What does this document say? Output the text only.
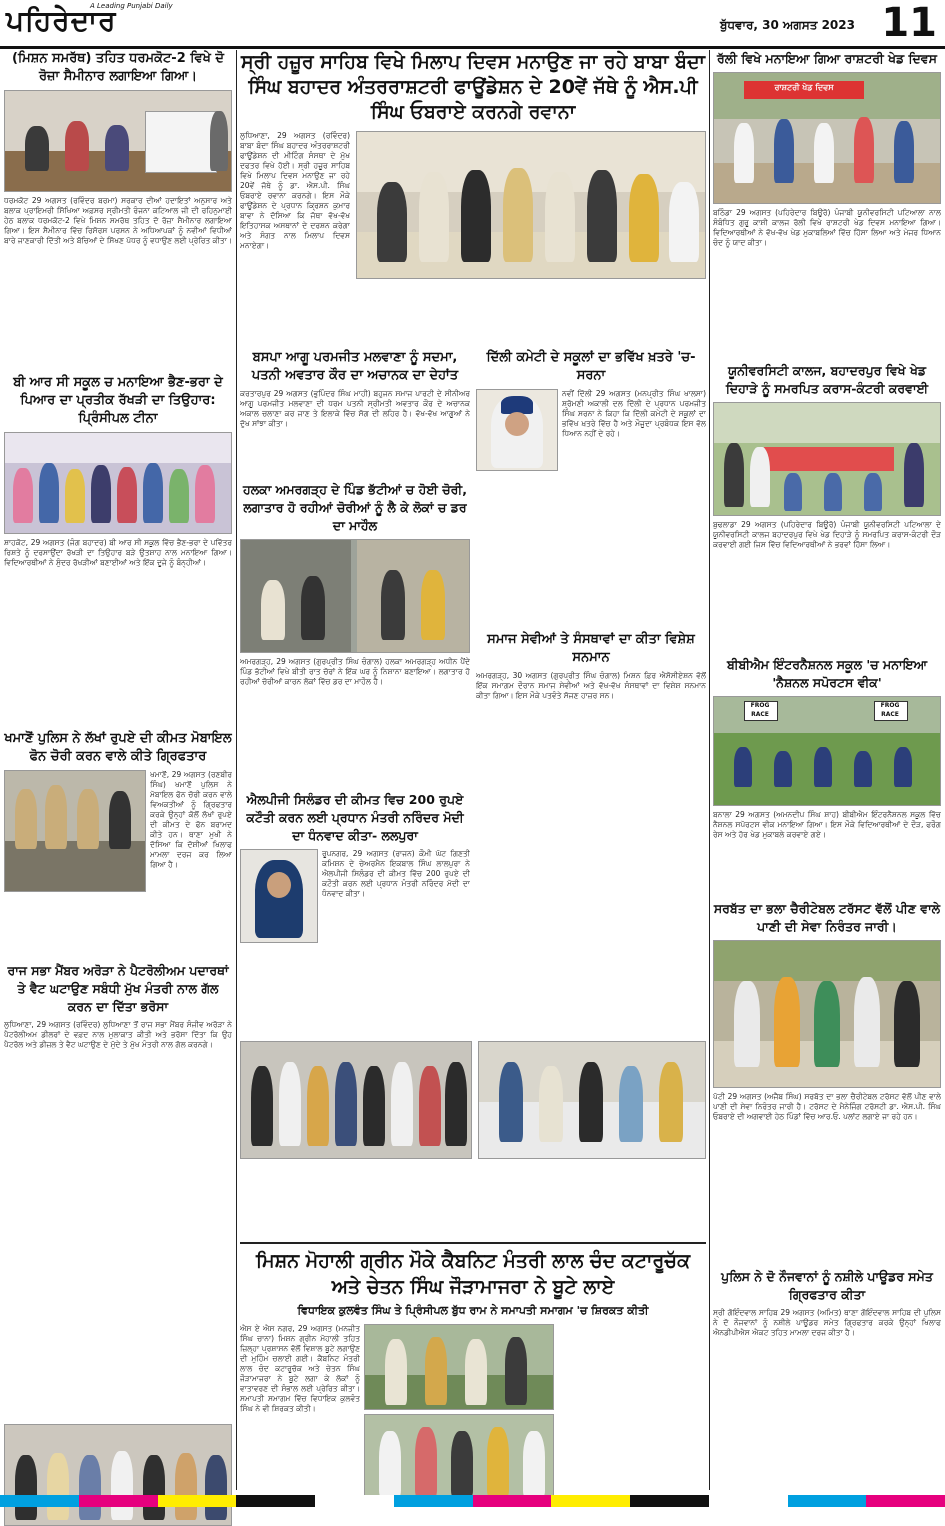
ਪਹਿਰੇਦਾਰ
A Leading Punjabi Daily
ਬੁੱਧਵਾਰ, 30 ਅਗਸਤ 2023 11
(ਮਿਸ਼ਨ ਸਮਰੱਥ) ਤਹਿਤ ਧਰਮਕੋਟ-2 ਵਿਖੇ ਦੋ ਰੋਜ਼ਾ ਸੈਮੀਨਾਰ ਲਗਾਇਆ ਗਿਆ।
ਧਰਮਕੋਟ 29 ਅਗਸਤ (ਰਵਿੰਦਰ ਬਰਮਾ) ਸਰਕਾਰ ਦੀਆਂ ਹਦਾਇਤਾਂ ਅਨੁਸਾਰ ਅਤੇ ਬਲਾਕ ਪ੍ਰਾਇਮਰੀ ਸਿੱਖਿਆ ਅਫ਼ਸਰ ਸ੍ਰੀਮਤੀ ਰੰਜਨਾ ਕਟਿਆਲ ਜੀ ਦੀ ਰਹਿਨੁਮਾਈ ਹੇਠ ਬਲਾਕ ਧਰਮਕੋਟ-2 ਵਿਖੇ ਮਿਸ਼ਨ ਸਮਰੱਥ ਤਹਿਤ ਦੋ ਰੋਜ਼ਾ ਸੈਮੀਨਾਰ ਲਗਾਇਆ ਗਿਆ। ਇਸ ਸੈਮੀਨਾਰ ਵਿੱਚ ਰਿਸੋਰਸ ਪਰਸਨ ਨੇ ਅਧਿਆਪਕਾਂ ਨੂੰ ਨਵੀਆਂ ਵਿਧੀਆਂ ਬਾਰੇ ਜਾਣਕਾਰੀ ਦਿੱਤੀ ਅਤੇ ਬੱਚਿਆਂ ਦੇ ਸਿੱਖਣ ਪੱਧਰ ਨੂੰ ਵਧਾਉਣ ਲਈ ਪ੍ਰੇਰਿਤ ਕੀਤਾ।
ਬੀ ਆਰ ਸੀ ਸਕੂਲ ਚ ਮਨਾਇਆ ਭੈਣ-ਭਰਾ ਦੇ ਪਿਆਰ ਦਾ ਪ੍ਰਤੀਕ ਰੱਖੜੀ ਦਾ ਤਿਉਹਾਰ: ਪ੍ਰਿੰਸੀਪਲ ਟੀਨਾ
ਸ਼ਾਹਕੋਟ, 29 ਅਗਸਤ (ਜੰਗ ਬਹਾਦਰ) ਬੀ ਆਰ ਸੀ ਸਕੂਲ ਵਿੱਚ ਭੈਣ-ਭਰਾ ਦੇ ਪਵਿੱਤਰ ਰਿਸ਼ਤੇ ਨੂੰ ਦਰਸਾਉਂਦਾ ਰੱਖੜੀ ਦਾ ਤਿਉਹਾਰ ਬੜੇ ਉਤਸ਼ਾਹ ਨਾਲ ਮਨਾਇਆ ਗਿਆ। ਵਿਦਿਆਰਥੀਆਂ ਨੇ ਸੁੰਦਰ ਰੱਖੜੀਆਂ ਬਣਾਈਆਂ ਅਤੇ ਇੱਕ ਦੂਜੇ ਨੂੰ ਬੰਨ੍ਹੀਆਂ।
ਖਮਾਣੋਂ ਪੁਲਿਸ ਨੇ ਲੱਖਾਂ ਰੁਪਏ ਦੀ ਕੀਮਤ ਮੋਬਾਇਲ ਫੋਨ ਚੋਰੀ ਕਰਨ ਵਾਲੇ ਕੀਤੇ ਗ੍ਰਿਫਤਾਰ
ਖਮਾਣੋਂ, 29 ਅਗਸਤ (ਰਣਬੀਰ ਸਿੰਘ) ਖਮਾਣੋਂ ਪੁਲਿਸ ਨੇ ਮੋਬਾਇਲ ਫੋਨ ਚੋਰੀ ਕਰਨ ਵਾਲੇ ਵਿਅਕਤੀਆਂ ਨੂੰ ਗ੍ਰਿਫਤਾਰ ਕਰਕੇ ਉਨ੍ਹਾਂ ਕੋਲੋਂ ਲੱਖਾਂ ਰੁਪਏ ਦੀ ਕੀਮਤ ਦੇ ਫੋਨ ਬਰਾਮਦ ਕੀਤੇ ਹਨ। ਥਾਣਾ ਮੁਖੀ ਨੇ ਦੱਸਿਆ ਕਿ ਦੋਸ਼ੀਆਂ ਖਿਲਾਫ ਮਾਮਲਾ ਦਰਜ ਕਰ ਲਿਆ ਗਿਆ ਹੈ।
ਰਾਜ ਸਭਾ ਮੈਂਬਰ ਅਰੋੜਾ ਨੇ ਪੈਟਰੋਲੀਅਮ ਪਦਾਰਥਾਂ ਤੇ ਵੈਟ ਘਟਾਉਣ ਸਬੰਧੀ ਮੁੱਖ ਮੰਤਰੀ ਨਾਲ ਗੱਲ ਕਰਨ ਦਾ ਦਿੱਤਾ ਭਰੋਸਾ
ਲੁਧਿਆਣਾ, 29 ਅਗਸਤ (ਰਵਿੰਦਰ) ਲੁਧਿਆਣਾ ਤੋਂ ਰਾਜ ਸਭਾ ਮੈਂਬਰ ਸੰਜੀਵ ਅਰੋੜਾ ਨੇ ਪੈਟਰੋਲੀਅਮ ਡੀਲਰਾਂ ਦੇ ਵਫ਼ਦ ਨਾਲ ਮੁਲਾਕਾਤ ਕੀਤੀ ਅਤੇ ਭਰੋਸਾ ਦਿੱਤਾ ਕਿ ਉਹ ਪੈਟਰੋਲ ਅਤੇ ਡੀਜ਼ਲ ਤੇ ਵੈਟ ਘਟਾਉਣ ਦੇ ਮੁੱਦੇ ਤੇ ਮੁੱਖ ਮੰਤਰੀ ਨਾਲ ਗੱਲ ਕਰਨਗੇ।
ਸ੍ਰੀ ਹਜ਼ੂਰ ਸਾਹਿਬ ਵਿਖੇ ਮਿਲਾਪ ਦਿਵਸ ਮਨਾਉਣ ਜਾ ਰਹੇ ਬਾਬਾ ਬੰਦਾ ਸਿੰਘ ਬਹਾਦਰ ਅੰਤਰਰਾਸ਼ਟਰੀ ਫਾਊਂਡੇਸ਼ਨ ਦੇ 20ਵੇਂ ਜੱਥੇ ਨੂੰ ਐਸ.ਪੀ ਸਿੰਘ ਓਬਰਾਏ ਕਰਨਗੇ ਰਵਾਨਾ
ਲੁਧਿਆਣਾ, 29 ਅਗਸਤ (ਰਵਿੰਦਰ) ਬਾਬਾ ਬੰਦਾ ਸਿੰਘ ਬਹਾਦਰ ਅੰਤਰਰਾਸ਼ਟਰੀ ਫਾਊਂਡੇਸ਼ਨ ਦੀ ਮੀਟਿੰਗ ਸੰਸਥਾ ਦੇ ਮੁੱਖ ਦਫਤਰ ਵਿਖੇ ਹੋਈ। ਸ੍ਰੀ ਹਜ਼ੂਰ ਸਾਹਿਬ ਵਿਖੇ ਮਿਲਾਪ ਦਿਵਸ ਮਨਾਉਣ ਜਾ ਰਹੇ 20ਵੇਂ ਜੱਥੇ ਨੂੰ ਡਾ. ਐਸ.ਪੀ. ਸਿੰਘ ਓਬਰਾਏ ਰਵਾਨਾ ਕਰਨਗੇ। ਇਸ ਮੌਕੇ ਫਾਊਂਡੇਸ਼ਨ ਦੇ ਪ੍ਰਧਾਨ ਕ੍ਰਿਸ਼ਨ ਕੁਮਾਰ ਬਾਵਾ ਨੇ ਦੱਸਿਆ ਕਿ ਜੱਥਾ ਵੱਖ-ਵੱਖ ਇਤਿਹਾਸਕ ਅਸਥਾਨਾਂ ਦੇ ਦਰਸ਼ਨ ਕਰੇਗਾ ਅਤੇ ਸੰਗਤ ਨਾਲ ਮਿਲਾਪ ਦਿਵਸ ਮਨਾਏਗਾ।
ਬਸਪਾ ਆਗੂ ਪਰਮਜੀਤ ਮਲਵਾਣਾ ਨੂੰ ਸਦਮਾ, ਪਤਨੀ ਅਵਤਾਰ ਕੌਰ ਦਾ ਅਚਾਨਕ ਦਾ ਦੇਹਾਂਤ
ਕਰਤਾਰਪੁਰ 29 ਅਗਸਤ (ਭੁਪਿੰਦਰ ਸਿੰਘ ਮਾਹੀ) ਬਹੁਜਨ ਸਮਾਜ ਪਾਰਟੀ ਦੇ ਸੀਨੀਅਰ ਆਗੂ ਪਰਮਜੀਤ ਮਲਵਾਣਾ ਦੀ ਧਰਮ ਪਤਨੀ ਸ੍ਰੀਮਤੀ ਅਵਤਾਰ ਕੌਰ ਦੇ ਅਚਾਨਕ ਅਕਾਲ ਚਲਾਣਾ ਕਰ ਜਾਣ ਤੇ ਇਲਾਕੇ ਵਿੱਚ ਸੋਗ ਦੀ ਲਹਿਰ ਹੈ। ਵੱਖ-ਵੱਖ ਆਗੂਆਂ ਨੇ ਦੁੱਖ ਸਾਂਝਾ ਕੀਤਾ।
ਹਲਕਾ ਅਮਰਗੜ੍ਹ ਦੇ ਪਿੰਡ ਭੱਟੀਆਂ ਚ ਹੋਈ ਚੋਰੀ, ਲਗਾਤਾਰ ਹੋ ਰਹੀਆਂ ਚੋਰੀਆਂ ਨੂੰ ਲੈ ਕੇ ਲੋਕਾਂ ਚ ਡਰ ਦਾ ਮਾਹੌਲ
ਅਮਰਗੜ੍ਹ, 29 ਅਗਸਤ (ਗੁਰਪ੍ਰੀਤ ਸਿੰਘ ਚੰਗਾਲ) ਹਲਕਾ ਅਮਰਗੜ੍ਹ ਅਧੀਨ ਪੈਂਦੇ ਪਿੰਡ ਭੱਟੀਆਂ ਵਿਖੇ ਬੀਤੀ ਰਾਤ ਚੋਰਾਂ ਨੇ ਇੱਕ ਘਰ ਨੂੰ ਨਿਸ਼ਾਨਾ ਬਣਾਇਆ। ਲਗਾਤਾਰ ਹੋ ਰਹੀਆਂ ਚੋਰੀਆਂ ਕਾਰਨ ਲੋਕਾਂ ਵਿੱਚ ਡਰ ਦਾ ਮਾਹੌਲ ਹੈ।
ਐਲਪੀਜੀ ਸਿਲੰਡਰ ਦੀ ਕੀਮਤ ਵਿਚ 200 ਰੁਪਏ ਕਟੌਤੀ ਕਰਨ ਲਈ ਪ੍ਰਧਾਨ ਮੰਤਰੀ ਨਰਿੰਦਰ ਮੋਦੀ ਦਾ ਧੰਨਵਾਦ ਕੀਤਾ- ਲਲਪੁਰਾ
ਰੂਪਨਗਰ, 29 ਅਗਸਤ (ਰਾਜਨ) ਕੌਮੀ ਘੱਟ ਗਿਣਤੀ ਕਮਿਸ਼ਨ ਦੇ ਚੇਅਰਮੈਨ ਇਕਬਾਲ ਸਿੰਘ ਲਾਲਪੁਰਾ ਨੇ ਐਲਪੀਜੀ ਸਿਲੰਡਰ ਦੀ ਕੀਮਤ ਵਿੱਚ 200 ਰੁਪਏ ਦੀ ਕਟੌਤੀ ਕਰਨ ਲਈ ਪ੍ਰਧਾਨ ਮੰਤਰੀ ਨਰਿੰਦਰ ਮੋਦੀ ਦਾ ਧੰਨਵਾਦ ਕੀਤਾ।
ਦਿੱਲੀ ਕਮੇਟੀ ਦੇ ਸਕੂਲਾਂ ਦਾ ਭਵਿੱਖ ਖ਼ਤਰੇ 'ਚ- ਸਰਨਾ
ਨਵੀਂ ਦਿੱਲੀ 29 ਅਗਸਤ (ਮਨਪ੍ਰੀਤ ਸਿੰਘ ਖਾਲਸਾ) ਸ਼੍ਰੋਮਣੀ ਅਕਾਲੀ ਦਲ ਦਿੱਲੀ ਦੇ ਪ੍ਰਧਾਨ ਪਰਮਜੀਤ ਸਿੰਘ ਸਰਨਾ ਨੇ ਕਿਹਾ ਕਿ ਦਿੱਲੀ ਕਮੇਟੀ ਦੇ ਸਕੂਲਾਂ ਦਾ ਭਵਿੱਖ ਖ਼ਤਰੇ ਵਿੱਚ ਹੈ ਅਤੇ ਮੌਜੂਦਾ ਪ੍ਰਬੰਧਕ ਇਸ ਵੱਲ ਧਿਆਨ ਨਹੀਂ ਦੇ ਰਹੇ।
ਸਮਾਜ ਸੇਵੀਆਂ ਤੇ ਸੰਸਥਾਵਾਂ ਦਾ ਕੀਤਾ ਵਿਸ਼ੇਸ਼ ਸਨਮਾਨ
ਅਮਰਗੜ੍ਹ, 30 ਅਗਸਤ (ਗੁਰਪ੍ਰੀਤ ਸਿੰਘ ਚੰਗਾਲ) ਮਿਸ਼ਨ ਫ਼ਿਰ ਐਸੋਸੀਏਸ਼ਨ ਵੱਲੋਂ ਇੱਕ ਸਮਾਗਮ ਦੌਰਾਨ ਸਮਾਜ ਸੇਵੀਆਂ ਅਤੇ ਵੱਖ-ਵੱਖ ਸੰਸਥਾਵਾਂ ਦਾ ਵਿਸ਼ੇਸ਼ ਸਨਮਾਨ ਕੀਤਾ ਗਿਆ। ਇਸ ਮੌਕੇ ਪਤਵੰਤੇ ਸੱਜਣ ਹਾਜ਼ਰ ਸਨ।
ਮਿਸ਼ਨ ਮੋਹਾਲੀ ਗ੍ਰੀਨ ਮੌਕੇ ਕੈਬਨਿਟ ਮੰਤਰੀ ਲਾਲ ਚੰਦ ਕਟਾਰੂਚੱਕ ਅਤੇ ਚੇਤਨ ਸਿੰਘ ਜੌੜਾਮਾਜਰਾ ਨੇ ਬੂਟੇ ਲਾਏ
ਵਿਧਾਇਕ ਕੁਲਵੰਤ ਸਿੰਘ ਤੇ ਪ੍ਰਿੰਸੀਪਲ ਬੁੱਧ ਰਾਮ ਨੇ ਸਮਾਪਤੀ ਸਮਾਗਮ 'ਚ ਸ਼ਿਰਕਤ ਕੀਤੀ
ਐਸ ਏ ਐਸ ਨਗਰ, 29 ਅਗਸਤ (ਮਨਜੀਤ ਸਿੰਘ ਚਾਨਾ) ਮਿਸ਼ਨ ਗ੍ਰੀਨ ਮੋਹਾਲੀ ਤਹਿਤ ਜ਼ਿਲ੍ਹਾ ਪ੍ਰਸ਼ਾਸਨ ਵੱਲੋਂ ਵਿਸ਼ਾਲ ਬੂਟੇ ਲਗਾਉਣ ਦੀ ਮੁਹਿੰਮ ਚਲਾਈ ਗਈ। ਕੈਬਨਿਟ ਮੰਤਰੀ ਲਾਲ ਚੰਦ ਕਟਾਰੂਚੱਕ ਅਤੇ ਚੇਤਨ ਸਿੰਘ ਜੌੜਾਮਾਜਰਾ ਨੇ ਬੂਟੇ ਲਗਾ ਕੇ ਲੋਕਾਂ ਨੂੰ ਵਾਤਾਵਰਣ ਦੀ ਸੰਭਾਲ ਲਈ ਪ੍ਰੇਰਿਤ ਕੀਤਾ। ਸਮਾਪਤੀ ਸਮਾਗਮ ਵਿੱਚ ਵਿਧਾਇਕ ਕੁਲਵੰਤ ਸਿੰਘ ਨੇ ਵੀ ਸ਼ਿਰਕਤ ਕੀਤੀ।
ਰੱਲੀ ਵਿਖੇ ਮਨਾਇਆ ਗਿਆ ਰਾਸ਼ਟਰੀ ਖੇਡ ਦਿਵਸ
ਰਾਸ਼ਟਰੀ ਖੇਡ ਦਿਵਸ
ਬਠਿੰਡਾ 29 ਅਗਸਤ (ਪਹਿਰੇਦਾਰ ਬਿਊਰੋ) ਪੰਜਾਬੀ ਯੂਨੀਵਰਸਿਟੀ ਪਟਿਆਲਾ ਨਾਲ ਸੰਬੰਧਿਤ ਗੁਰੂ ਕਾਸ਼ੀ ਕਾਲਜ ਰੱਲੀ ਵਿਖੇ ਰਾਸ਼ਟਰੀ ਖੇਡ ਦਿਵਸ ਮਨਾਇਆ ਗਿਆ। ਵਿਦਿਆਰਥੀਆਂ ਨੇ ਵੱਖ-ਵੱਖ ਖੇਡ ਮੁਕਾਬਲਿਆਂ ਵਿੱਚ ਹਿੱਸਾ ਲਿਆ ਅਤੇ ਮੇਜਰ ਧਿਆਨ ਚੰਦ ਨੂੰ ਯਾਦ ਕੀਤਾ।
ਯੂਨੀਵਰਸਿਟੀ ਕਾਲਜ, ਬਹਾਦਰਪੁਰ ਵਿਖੇ ਖੇਡ ਦਿਹਾੜੇ ਨੂੰ ਸਮਰਪਿਤ ਕਰਾਸ-ਕੰਟਰੀ ਕਰਵਾਈ
ਬੁਢਲਾਡਾ 29 ਅਗਸਤ (ਪਹਿਰੇਦਾਰ ਬਿਊਰੋ) ਪੰਜਾਬੀ ਯੂਨੀਵਰਸਿਟੀ ਪਟਿਆਲਾ ਦੇ ਯੂਨੀਵਰਸਿਟੀ ਕਾਲਜ ਬਹਾਦਰਪੁਰ ਵਿਖੇ ਖੇਡ ਦਿਹਾੜੇ ਨੂੰ ਸਮਰਪਿਤ ਕਰਾਸ-ਕੰਟਰੀ ਦੌੜ ਕਰਵਾਈ ਗਈ ਜਿਸ ਵਿੱਚ ਵਿਦਿਆਰਥੀਆਂ ਨੇ ਭਰਵਾਂ ਹਿੱਸਾ ਲਿਆ।
ਬੀਬੀਐਮ ਇੰਟਰਨੈਸ਼ਨਲ ਸਕੂਲ 'ਚ ਮਨਾਇਆ 'ਨੈਸ਼ਨਲ ਸਪੋਰਟਸ ਵੀਕ'
FROG
RACE
FROG
RACE
ਬਨਾਲਾ 29 ਅਗਸਤ (ਅਮਨਦੀਪ ਸਿੰਘ ਸ਼ਾਹ) ਬੀਬੀਐਮ ਇੰਟਰਨੈਸ਼ਨਲ ਸਕੂਲ ਵਿੱਚ ਨੈਸ਼ਨਲ ਸਪੋਰਟਸ ਵੀਕ ਮਨਾਇਆ ਗਿਆ। ਇਸ ਮੌਕੇ ਵਿਦਿਆਰਥੀਆਂ ਦੇ ਦੌੜ, ਫਰੌਗ ਰੇਸ ਅਤੇ ਹੋਰ ਖੇਡ ਮੁਕਾਬਲੇ ਕਰਵਾਏ ਗਏ।
ਸਰਬੱਤ ਦਾ ਭਲਾ ਚੈਰੀਟੇਬਲ ਟਰੱਸਟ ਵੱਲੋਂ ਪੀਣ ਵਾਲੇ ਪਾਣੀ ਦੀ ਸੇਵਾ ਨਿਰੰਤਰ ਜਾਰੀ।
ਪੱਟੀ 29 ਅਗਸਤ (ਅਜੈਬ ਸਿੰਘ) ਸਰਬੱਤ ਦਾ ਭਲਾ ਚੈਰੀਟੇਬਲ ਟਰੱਸਟ ਵੱਲੋਂ ਪੀਣ ਵਾਲੇ ਪਾਣੀ ਦੀ ਸੇਵਾ ਨਿਰੰਤਰ ਜਾਰੀ ਹੈ। ਟਰੱਸਟ ਦੇ ਮੈਨੇਜਿੰਗ ਟਰੱਸਟੀ ਡਾ. ਐਸ.ਪੀ. ਸਿੰਘ ਓਬਰਾਏ ਦੀ ਅਗਵਾਈ ਹੇਠ ਪਿੰਡਾਂ ਵਿੱਚ ਆਰ.ਓ. ਪਲਾਂਟ ਲਗਾਏ ਜਾ ਰਹੇ ਹਨ।
ਪੁਲਿਸ ਨੇ ਦੋ ਨੌਜਵਾਨਾਂ ਨੂੰ ਨਸ਼ੀਲੇ ਪਾਊਡਰ ਸਮੇਤ ਗ੍ਰਿਫਤਾਰ ਕੀਤਾ
ਸ੍ਰੀ ਗੋਇੰਦਵਾਲ ਸਾਹਿਬ 29 ਅਗਸਤ (ਅਮਿਤ) ਥਾਣਾ ਗੋਇੰਦਵਾਲ ਸਾਹਿਬ ਦੀ ਪੁਲਿਸ ਨੇ ਦੋ ਨੌਜਵਾਨਾਂ ਨੂੰ ਨਸ਼ੀਲੇ ਪਾਊਡਰ ਸਮੇਤ ਗ੍ਰਿਫਤਾਰ ਕਰਕੇ ਉਨ੍ਹਾਂ ਖਿਲਾਫ ਐਨਡੀਪੀਐਸ ਐਕਟ ਤਹਿਤ ਮਾਮਲਾ ਦਰਜ ਕੀਤਾ ਹੈ।
